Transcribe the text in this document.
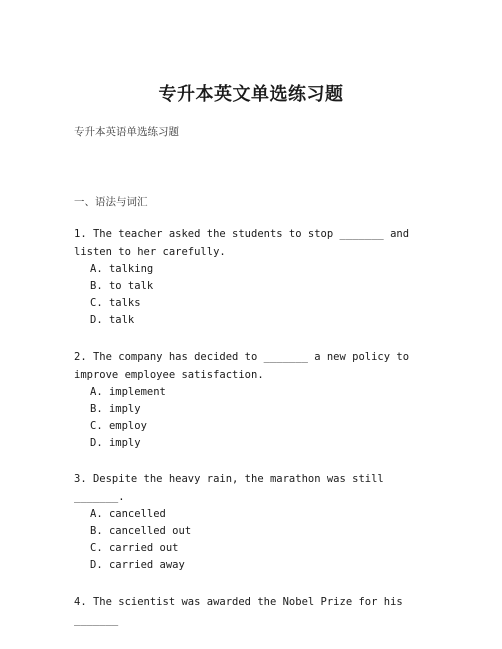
专升本英文单选练习题

专升本英语单选练习题

一、语法与词汇

1. The teacher asked the students to stop _______ and listen to her carefully.

A. talking
B. to talk
C. talks
D. talk

2. The company has decided to _______ a new policy to improve employee satisfaction.

A. implement
B. imply
C. employ
D. imply

3. Despite the heavy rain, the marathon was still _______.

A. cancelled
B. cancelled out
C. carried out
D. carried away

4. The scientist was awarded the Nobel Prize for his _______
